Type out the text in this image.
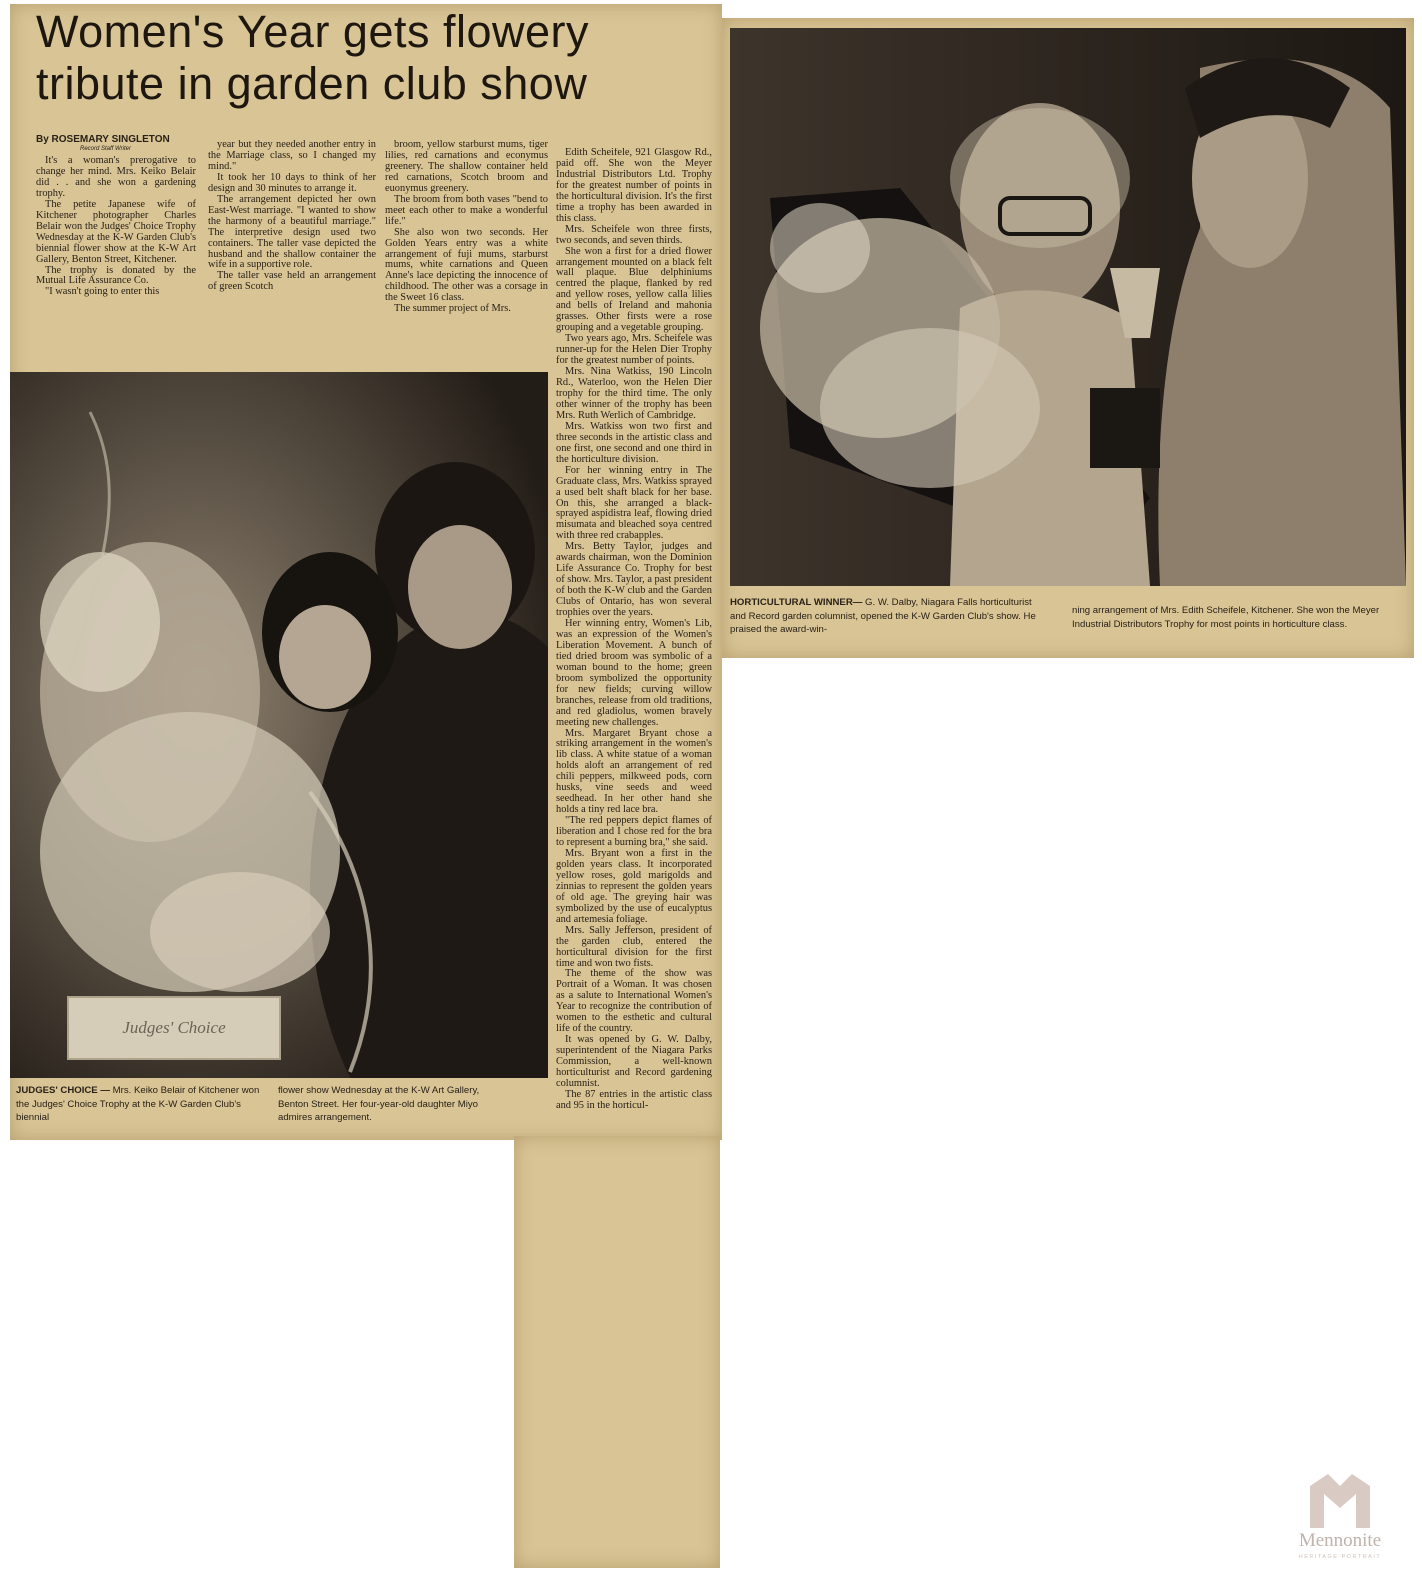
Women's Year gets flowery tribute in garden club show
By ROSEMARY SINGLETON
Record Staff Writer

It's a woman's prerogative to change her mind. Mrs. Keiko Belair did . . and she won a gardening trophy.

The petite Japanese wife of Kitchener photographer Charles Belair won the Judges' Choice Trophy Wednesday at the K-W Garden Club's biennial flower show at the K-W Art Gallery, Benton Street, Kitchener.

The trophy is donated by the Mutual Life Assurance Co.

"I wasn't going to enter this

year but they needed another entry in the Marriage class, so I changed my mind."

It took her 10 days to think of her design and 30 minutes to arrange it.

The arrangement depicted her own East-West marriage. "I wanted to show the harmony of a beautiful marriage." The interpretive design used two containers. The taller vase depicted the husband and the shallow container the wife in a supportive role.

The taller vase held an arrangement of green Scotch

broom, yellow starburst mums, tiger lilies, red carnations and econymus greenery. The shallow container held red carnations, Scotch broom and euonymus greenery.

The broom from both vases "bend to meet each other to make a wonderful life."

She also won two seconds. Her Golden Years entry was a white arrangement of fuji mums, starburst mums, white carnations and Queen Anne's lace depicting the innocence of childhood. The other was a corsage in the Sweet 16 class.

The summer project of Mrs.

Edith Scheifele, 921 Glasgow Rd., paid off. She won the Meyer Industrial Distributors Ltd. Trophy for the greatest number of points in the horticultural division. It's the first time a trophy has been awarded in this class.

Mrs. Scheifele won three firsts, two seconds, and seven thirds.

She won a first for a dried flower arrangement mounted on a black felt wall plaque. Blue delphiniums centred the plaque, flanked by red and yellow roses, yellow calla lilies and bells of Ireland and mahonia grasses. Other firsts were a rose grouping and a vegetable grouping.

Two years ago, Mrs. Scheifele was runner-up for the Helen Dier Trophy for the greatest number of points.

Mrs. Nina Watkiss, 190 Lincoln Rd., Waterloo, won the Helen Dier trophy for the third time. The only other winner of the trophy has been Mrs. Ruth Werlich of Cambridge.

Mrs. Watkiss won two first and three seconds in the artistic class and one first, one second and one third in the horticulture division.

For her winning entry in The Graduate class, Mrs. Watkiss sprayed a used belt shaft black for her base. On this, she arranged a black-sprayed aspidistra leaf, flowing dried misumata and bleached soya centred with three red crabapples.

Mrs. Betty Taylor, judges and awards chairman, won the Dominion Life Assurance Co. Trophy for best of show. Mrs. Taylor, a past president of both the K-W club and the Garden Clubs of Ontario, has won several trophies over the years.

Her winning entry, Women's Lib, was an expression of the Women's Liberation Movement. A bunch of tied dried broom was symbolic of a woman bound to the home; green broom symbolized the opportunity for new fields; curving willow branches, release from old traditions, and red gladiolus, women bravely meeting new challenges.

Mrs. Margaret Bryant chose a striking arrangement in the women's lib class. A white statue of a woman holds aloft an arrangement of red chili peppers, milkweed pods, corn husks, vine seeds and weed seedhead. In her other hand she holds a tiny red lace bra.

"The red peppers depict flames of liberation and I chose red for the bra to represent a burning bra," she said.

Mrs. Bryant won a first in the golden years class. It incorporated yellow roses, gold marigolds and zinnias to represent the golden years of old age. The greying hair was symbolized by the use of eucalyptus and artemesia foliage.

Mrs. Sally Jefferson, president of the garden club, entered the horticultural division for the first time and won two fists.

The theme of the show was Portrait of a Woman. It was chosen as a salute to International Women's Year to recognize the contribution of women to the esthetic and cultural life of the country.

It was opened by G. W. Dalby, superintendent of the Niagara Parks Commission, a well-known horticulturist and Record gardening columnist.

The 87 entries in the artistic class and 95 in the horticul-

Judges' Choice
JUDGES' CHOICE — Mrs. Keiko Belair of Kitchener won the Judges' Choice Trophy at the K-W Garden Club's biennial
flower show Wednesday at the K-W Art Gallery, Benton Street. Her four-year-old daughter Miyo admires arrangement.
HORTICULTURAL WINNER— G. W. Dalby, Niagara Falls horticulturist and Record garden columnist, opened the K-W Garden Club's show. He praised the award-win-
ning arrangement of Mrs. Edith Scheifele, Kitchener. She won the Meyer Industrial Distributors Trophy for most points in horticulture class.
Mennonite
HERITAGE PORTRAIT
